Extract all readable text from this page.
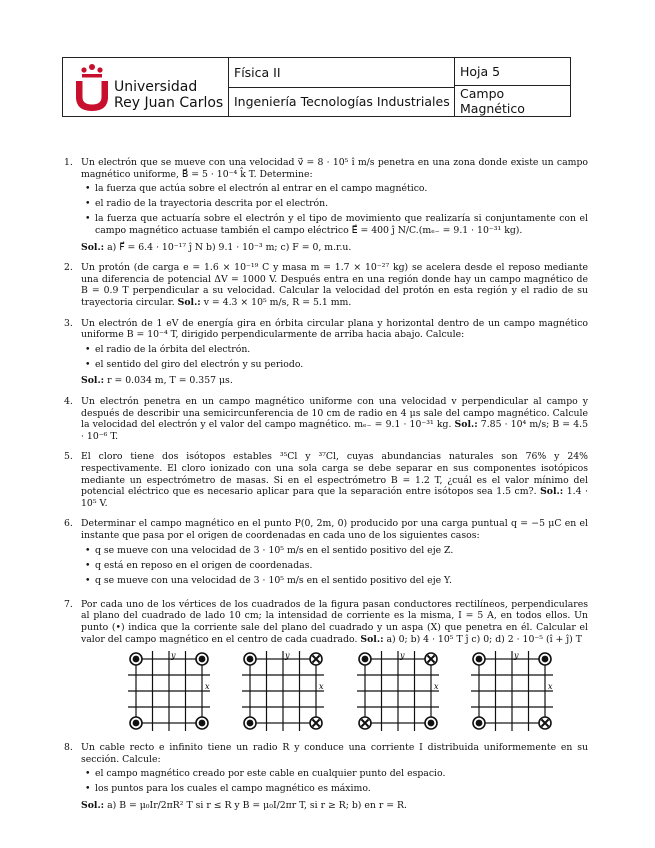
Universidad
Rey Juan Carlos
Física II
Ingeniería Tecnologías Industriales
Hoja 5
Campo Magnético
1. Un electrón que se mueve con una velocidad v⃗ = 8 · 10⁵ î m/s penetra en una zona donde existe un campo magnético uniforme, B⃗ = 5 · 10⁻⁴ k̂ T. Determine:
• la fuerza que actúa sobre el electrón al entrar en el campo magnético.
• el radio de la trayectoria descrita por el electrón.
• la fuerza que actuaría sobre el electrón y el tipo de movimiento que realizaría si conjuntamente con el campo magnético actuase también el campo eléctrico E⃗ = 400 ĵ N/C.(mₑ₋ = 9.1 · 10⁻³¹ kg).
Sol.: a) F⃗ = 6.4 · 10⁻¹⁷ ĵ N b) 9.1 · 10⁻³ m; c) F = 0, m.r.u.
2. Un protón (de carga e = 1.6 × 10⁻¹⁹ C y masa m = 1.7 × 10⁻²⁷ kg) se acelera desde el reposo mediante una diferencia de potencial ΔV = 1000 V. Después entra en una región donde hay un campo magnético de B = 0.9 T perpendicular a su velocidad. Calcular la velocidad del protón en esta región y el radio de su trayectoria circular. Sol.: v = 4.3 × 10⁵ m/s, R = 5.1 mm.
3. Un electrón de 1 eV de energía gira en órbita circular plana y horizontal dentro de un campo magnético uniforme B = 10⁻⁴ T, dirigido perpendicularmente de arriba hacia abajo. Calcule:
• el radio de la órbita del electrón.
• el sentido del giro del electrón y su periodo.
Sol.: r = 0.034 m, T = 0.357 μs.
4. Un electrón penetra en un campo magnético uniforme con una velocidad v perpendicular al campo y después de describir una semicircunferencia de 10 cm de radio en 4 μs sale del campo magnético. Calcule la velocidad del electrón y el valor del campo magnético. mₑ₋ = 9.1 · 10⁻³¹ kg. Sol.: 7.85 · 10⁴ m/s; B = 4.5 · 10⁻⁶ T.
5. El cloro tiene dos isótopos estables ³⁵Cl y ³⁷Cl, cuyas abundancias naturales son 76% y 24% respectivamente. El cloro ionizado con una sola carga se debe separar en sus componentes isotópicos mediante un espectrómetro de masas. Si en el espectrómetro B = 1.2 T, ¿cuál es el valor mínimo del potencial eléctrico que es necesario aplicar para que la separación entre isótopos sea 1.5 cm?. Sol.: 1.4 · 10⁵ V.
6. Determinar el campo magnético en el punto P(0, 2m, 0) producido por una carga puntual q = −5 μC en el instante que pasa por el origen de coordenadas en cada uno de los siguientes casos:
• q se mueve con una velocidad de 3 · 10⁵ m/s en el sentido positivo del eje Z.
• q está en reposo en el origen de coordenadas.
• q se mueve con una velocidad de 3 · 10⁵ m/s en el sentido positivo del eje Y.
7. Por cada uno de los vértices de los cuadrados de la figura pasan conductores rectilíneos, perpendiculares al plano del cuadrado de lado 10 cm; la intensidad de corriente es la misma, I = 5 A, en todos ellos. Un punto (•) indica que la corriente sale del plano del cuadrado y un aspa (X) que penetra en él. Calcular el valor del campo magnético en el centro de cada cuadrado. Sol.: a) 0; b) 4 · 10⁵ T ĵ c) 0; d) 2 · 10⁻⁵ (î + ĵ) T
y
x
y
x
y
x
y
x
8. Un cable recto e infinito tiene un radio R y conduce una corriente I distribuida uniformemente en su sección. Calcule:
• el campo magnético creado por este cable en cualquier punto del espacio.
• los puntos para los cuales el campo magnético es máximo.
Sol.: a) B = μ₀Ir/2πR² T si r ≤ R y B = μ₀I/2πr T, si r ≥ R; b) en r = R.
